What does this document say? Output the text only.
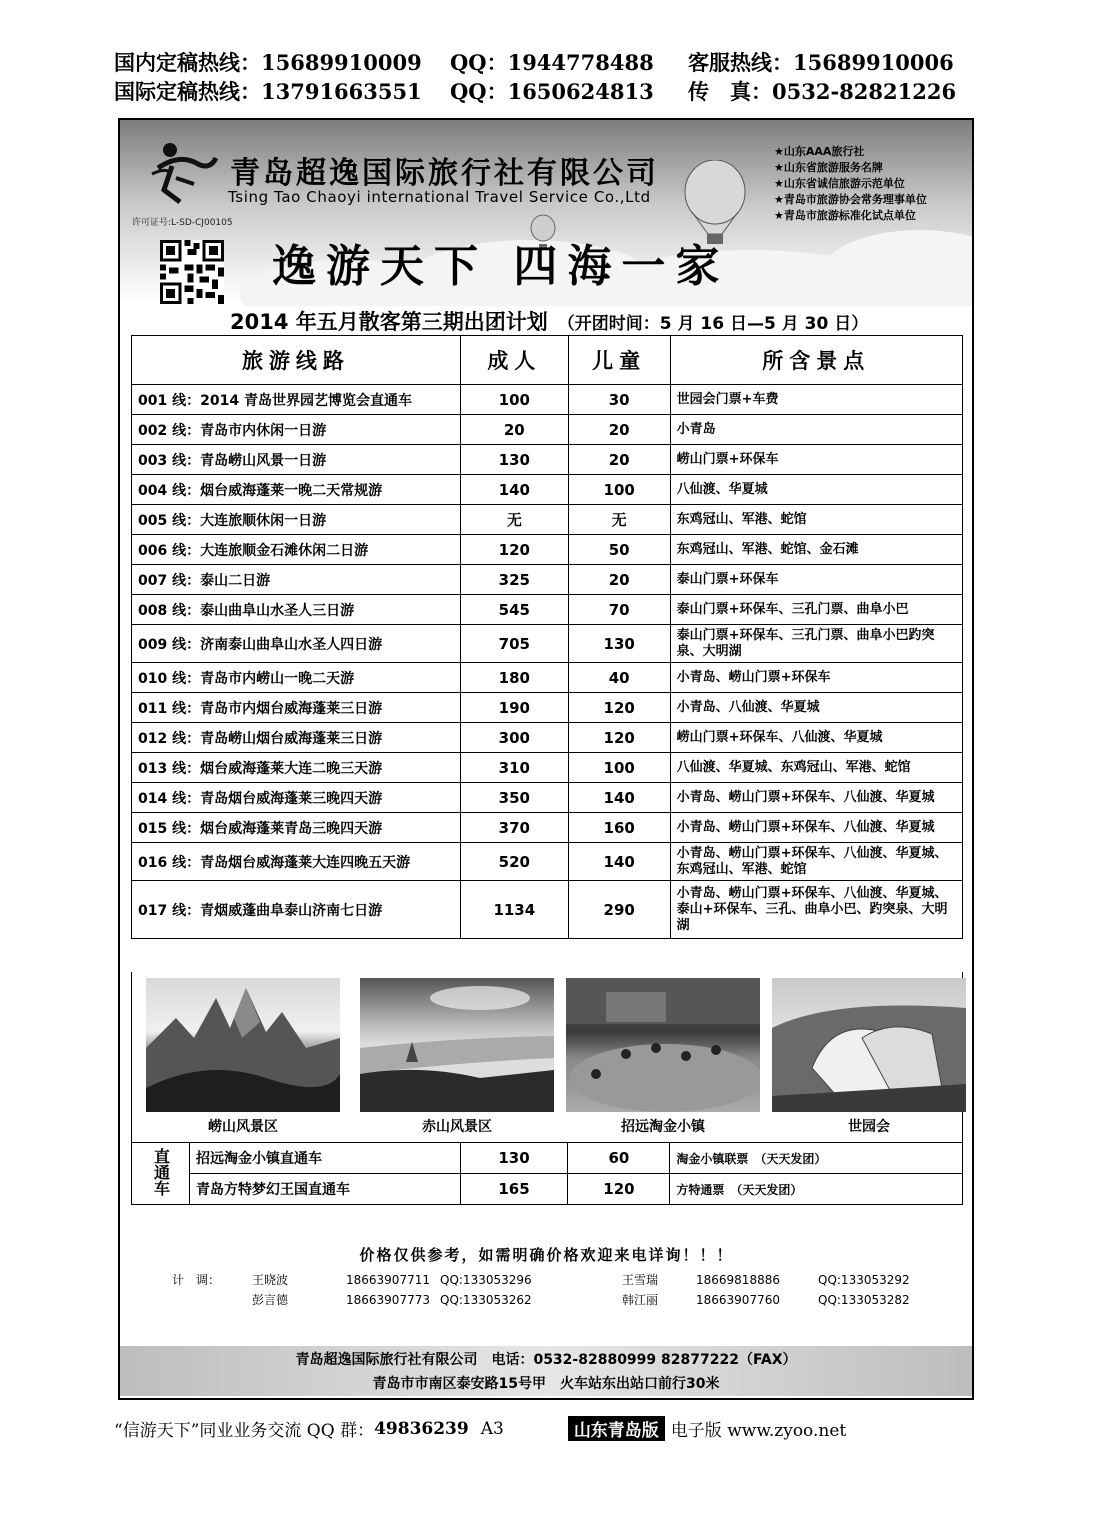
国内定稿热线：15689910009	QQ：1944778488	客服热线：15689910006
国际定稿热线：13791663551	QQ：1650624813	传　真：0532-82821226
青岛超逸国际旅行社有限公司
Tsing Tao Chaoyi international Travel Service Co.,Ltd
许可证号:L-SD-CJ00105
★山东AAA旅行社
★山东省旅游服务名牌
★山东省诚信旅游示范单位
★青岛市旅游协会常务理事单位
★青岛市旅游标准化试点单位
逸游天下 四海一家
2014 年五月散客第三期出团计划 （开团时间：5 月 16 日—5 月 30 日）
旅游线路	成人	儿童	所含景点
001 线：2014 青岛世界园艺博览会直通车	100	30	世园会门票+车费
002 线：青岛市内休闲一日游	20	20	小青岛
003 线：青岛崂山风景一日游	130	20	崂山门票+环保车
004 线：烟台威海蓬莱一晚二天常规游	140	100	八仙渡、华夏城
005 线：大连旅顺休闲一日游	无	无	东鸡冠山、军港、蛇馆
006 线：大连旅顺金石滩休闲二日游	120	50	东鸡冠山、军港、蛇馆、金石滩
007 线：泰山二日游	325	20	泰山门票+环保车
008 线：泰山曲阜山水圣人三日游	545	70	泰山门票+环保车、三孔门票、曲阜小巴
009 线：济南泰山曲阜山水圣人四日游	705	130	泰山门票+环保车、三孔门票、曲阜小巴趵突泉、大明湖
010 线：青岛市内崂山一晚二天游	180	40	小青岛、崂山门票+环保车
011 线：青岛市内烟台威海蓬莱三日游	190	120	小青岛、八仙渡、华夏城
012 线：青岛崂山烟台威海蓬莱三日游	300	120	崂山门票+环保车、八仙渡、华夏城
013 线：烟台威海蓬莱大连二晚三天游	310	100	八仙渡、华夏城、东鸡冠山、军港、蛇馆
014 线：青岛烟台威海蓬莱三晚四天游	350	140	小青岛、崂山门票+环保车、八仙渡、华夏城
015 线：烟台威海蓬莱青岛三晚四天游	370	160	小青岛、崂山门票+环保车、八仙渡、华夏城
016 线：青岛烟台威海蓬莱大连四晚五天游	520	140	小青岛、崂山门票+环保车、八仙渡、华夏城、东鸡冠山、军港、蛇馆
017 线：青烟威蓬曲阜泰山济南七日游	1134	290	小青岛、崂山门票+环保车、八仙渡、华夏城、泰山+环保车、三孔、曲阜小巴、趵突泉、大明湖
崂山风景区	赤山风景区	招远淘金小镇	世园会
直通车	招远淘金小镇直通车	130	60	淘金小镇联票　（天天发团）
	青岛方特梦幻王国直通车	165	120	方特通票　（天天发团）
价格仅供参考，如需明确价格欢迎来电详询！！！
计　调：	王晓波	18663907711 QQ:133053296	王雪瑞	18669818886	QQ:133053292
彭言德	18663907773 QQ:133053262	韩江丽	18663907760	QQ:133053282
青岛超逸国际旅行社有限公司　电话：0532-82880999 82877222（FAX）
青岛市市南区泰安路15号甲　火车站东出站口前行30米
“信游天下”同业业务交流 QQ 群： 49836239 A3	山东青岛版 电子版 www.zyoo.net
